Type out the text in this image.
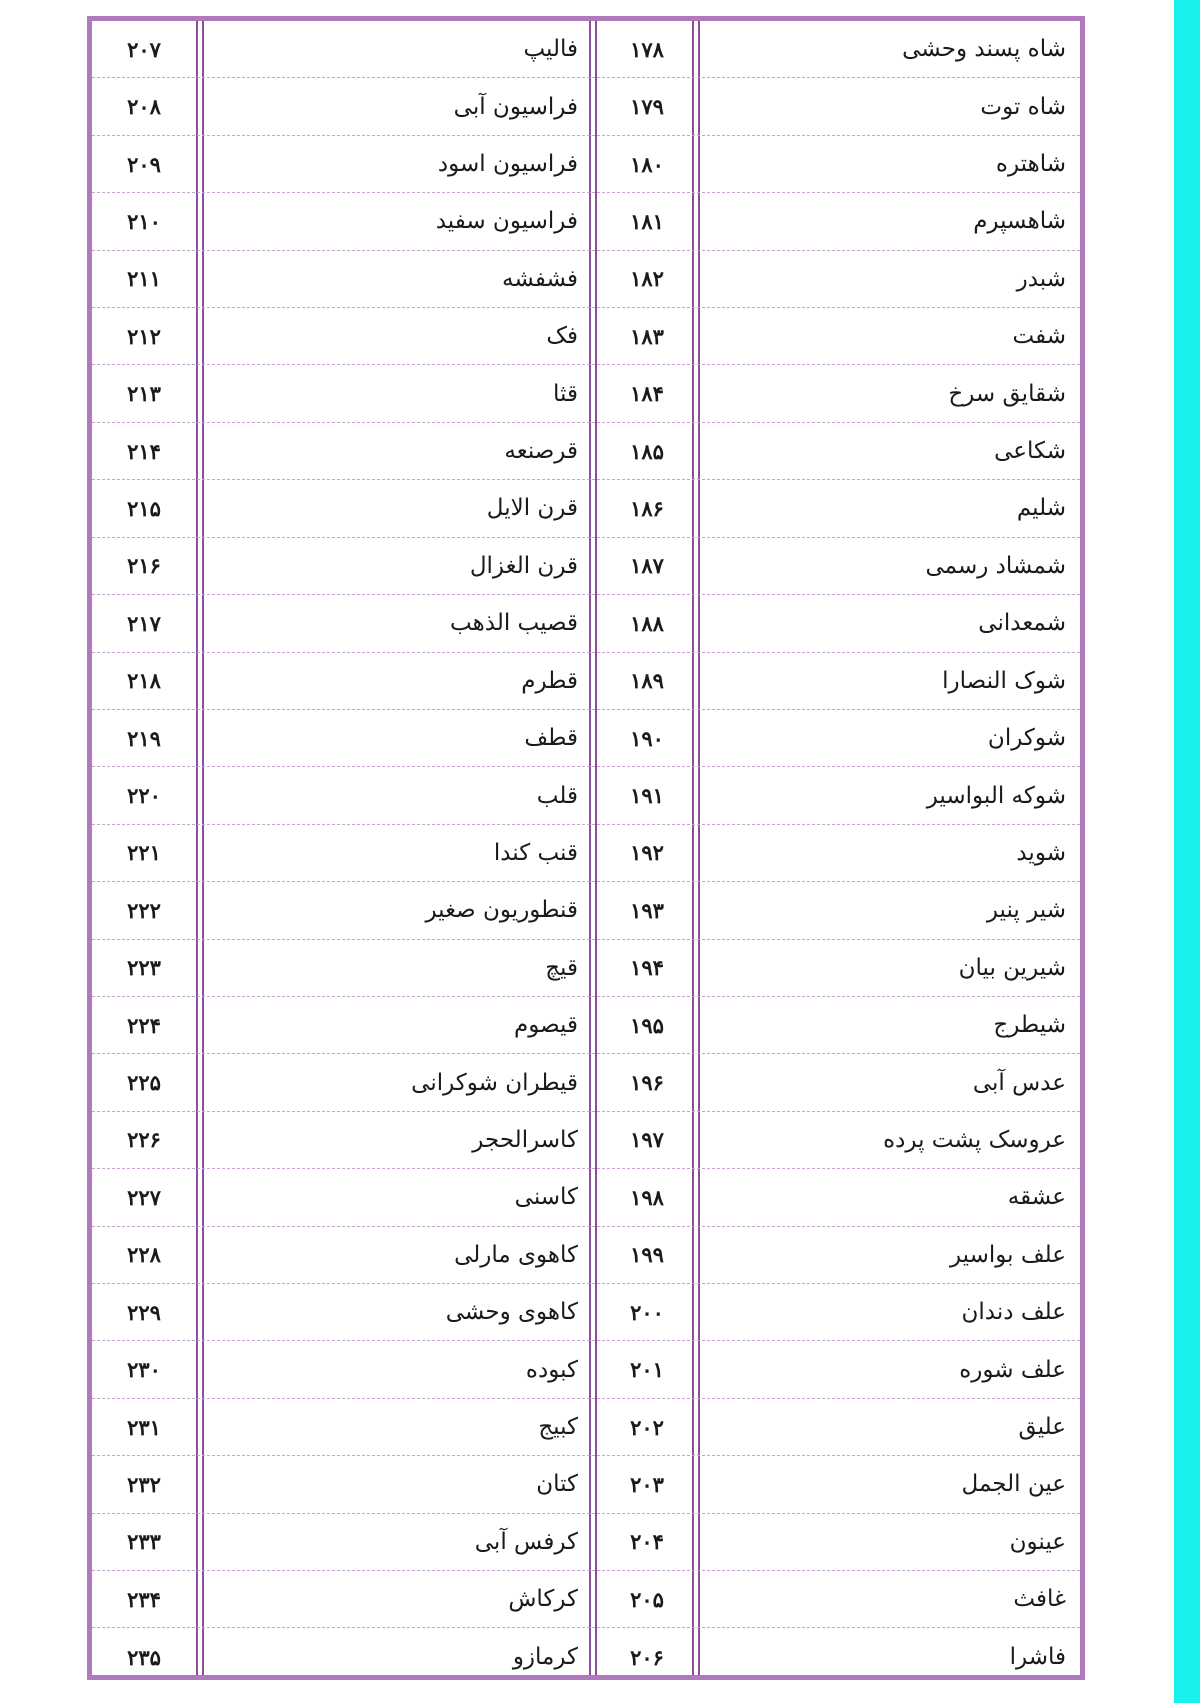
شاه پسند وحشی
۱۷۸
فالیپ
۲۰۷
شاه توت
۱۷۹
فراسیون آبی
۲۰۸
شاهتره
۱۸۰
فراسیون اسود
۲۰۹
شاهسپرم
۱۸۱
فراسیون سفید
۲۱۰
شبدر
۱۸۲
فشفشه
۲۱۱
شفت
۱۸۳
فک
۲۱۲
شقایق سرخ
۱۸۴
قثا
۲۱۳
شکاعی
۱۸۵
قرصنعه
۲۱۴
شلیم
۱۸۶
قرن الایل
۲۱۵
شمشاد رسمی
۱۸۷
قرن الغزال
۲۱۶
شمعدانی
۱۸۸
قصیب الذهب
۲۱۷
شوک النصارا
۱۸۹
قطرم
۲۱۸
شوکران
۱۹۰
قطف
۲۱۹
شوکه البواسیر
۱۹۱
قلب
۲۲۰
شوید
۱۹۲
قنب کندا
۲۲۱
شیر پنیر
۱۹۳
قنطوریون صغیر
۲۲۲
شیرین بیان
۱۹۴
قیچ
۲۲۳
شیطرج
۱۹۵
قیصوم
۲۲۴
عدس آبی
۱۹۶
قیطران شوکرانی
۲۲۵
عروسک پشت پرده
۱۹۷
کاسرالحجر
۲۲۶
عشقه
۱۹۸
کاسنی
۲۲۷
علف بواسیر
۱۹۹
کاهوی مارلی
۲۲۸
علف دندان
۲۰۰
کاهوی وحشی
۲۲۹
علف شوره
۲۰۱
کبوده
۲۳۰
علیق
۲۰۲
کبیج
۲۳۱
عین الجمل
۲۰۳
کتان
۲۳۲
عینون
۲۰۴
کرفس آبی
۲۳۳
غافث
۲۰۵
کرکاش
۲۳۴
فاشرا
۲۰۶
کرمازو
۲۳۵
